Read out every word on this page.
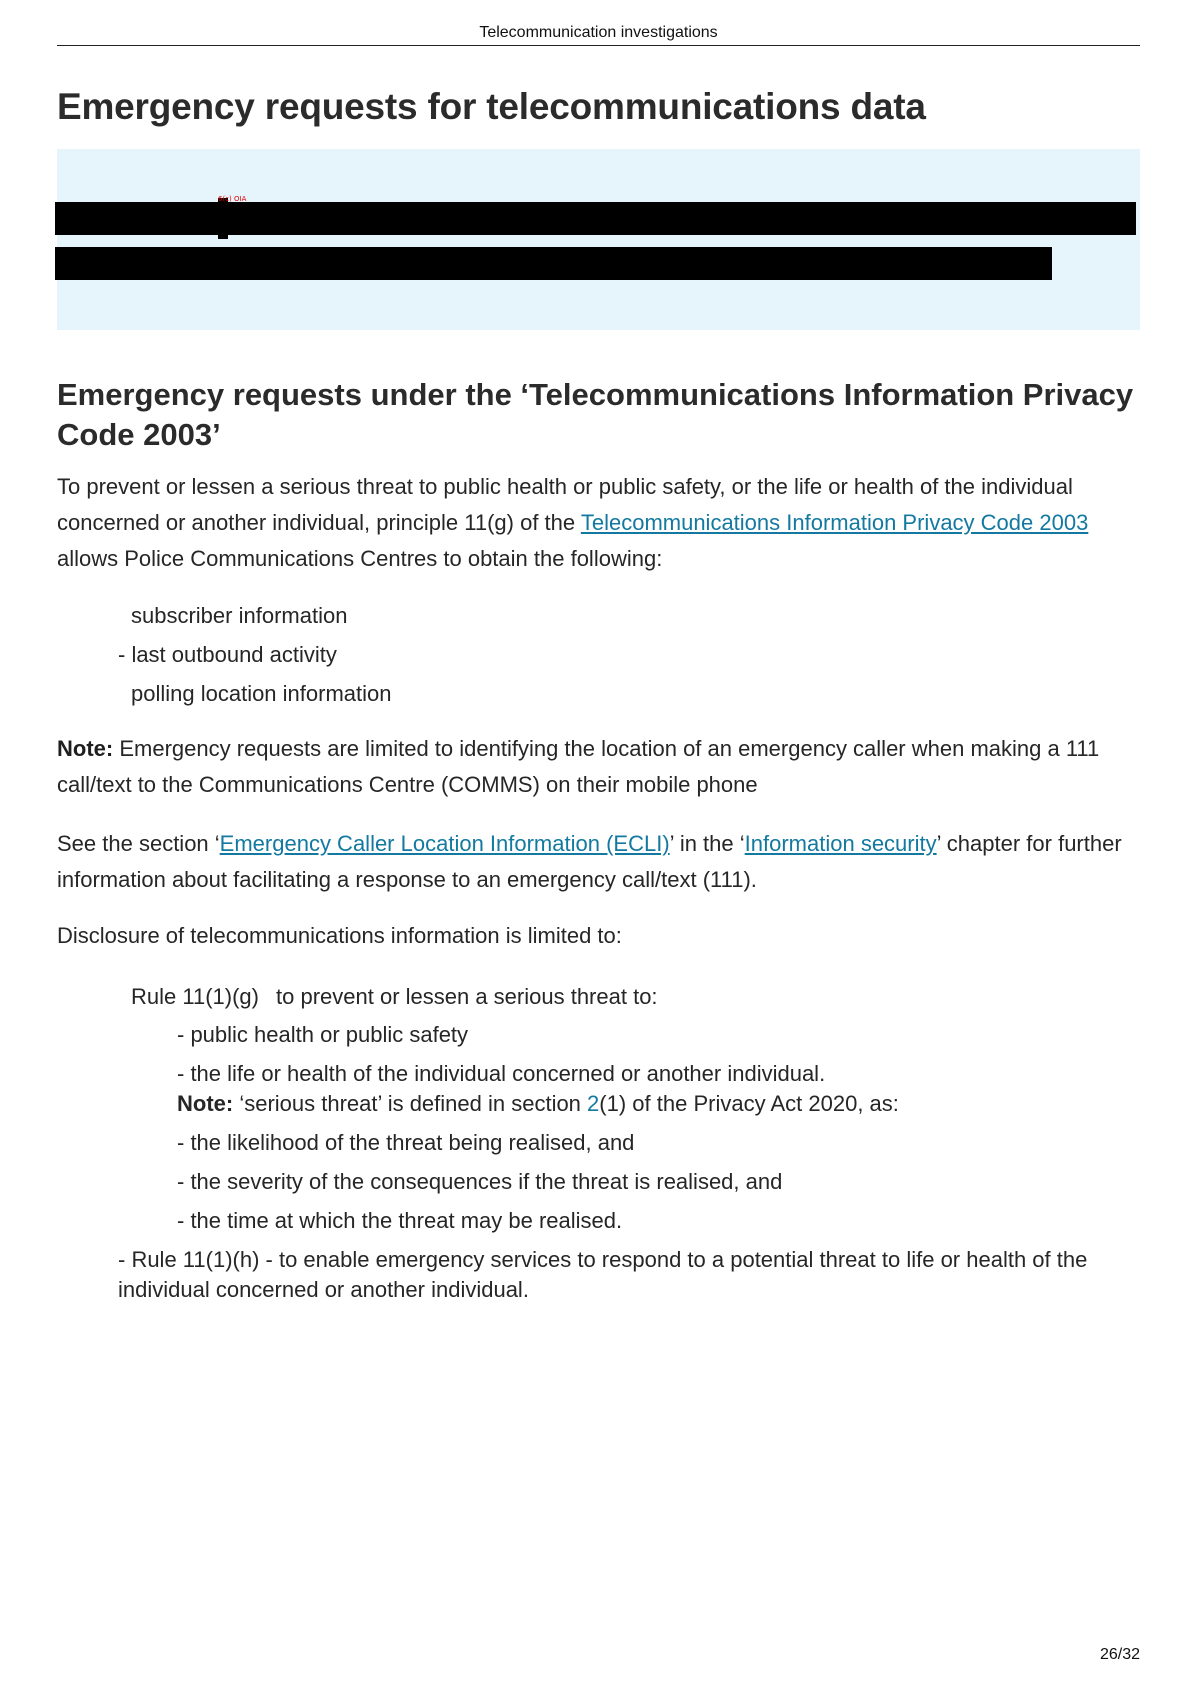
Telecommunication investigations
Emergency requests for telecommunications data
6(c) OIA
Emergency requests under the ‘Telecommunications Information Privacy Code 2003’

To prevent or lessen a serious threat to public health or public safety, or the life or health of the individual concerned or another individual, principle 11(g) of the Telecommunications Information Privacy Code 2003 allows Police Communications Centres to obtain the following:

subscriber information
- last outbound activity
polling location information

Note: Emergency requests are limited to identifying the location of an emergency caller when making a 111 call/text to the Communications Centre (COMMS) on their mobile phone

See the section ‘Emergency Caller Location Information (ECLI)’ in the ‘Information security’ chapter for further information about facilitating a response to an emergency call/text (111).

Disclosure of telecommunications information is limited to:

Rule 11(1)(g) to prevent or lessen a serious threat to:
- public health or public safety
- the life or health of the individual concerned or another individual.
Note: ‘serious threat’ is defined in section 2(1) of the Privacy Act 2020, as:
- the likelihood of the threat being realised, and
- the severity of the consequences if the threat is realised, and
- the time at which the threat may be realised.
- Rule 11(1)(h) - to enable emergency services to respond to a potential threat to life or health of the
individual concerned or another individual.
26/32
